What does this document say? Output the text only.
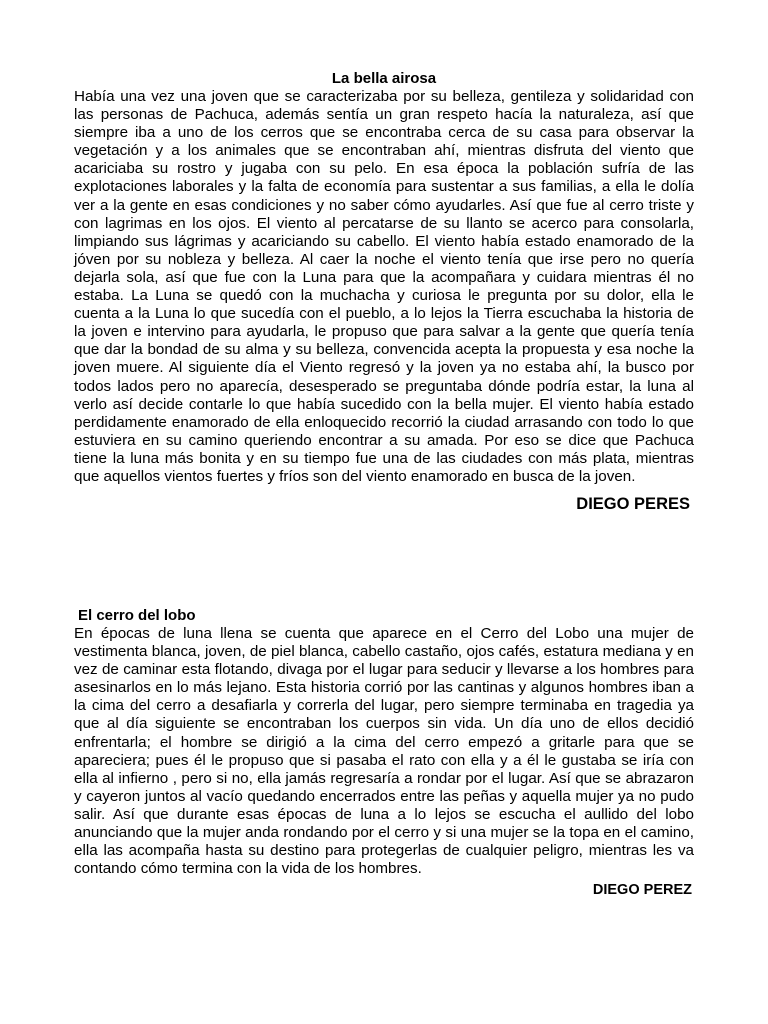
La bella airosa

Había una vez una joven que se caracterizaba por su belleza, gentileza y solidaridad con las personas de Pachuca, además sentía un gran respeto hacía la naturaleza, así que siempre iba a uno de los cerros que se encontraba cerca de su casa para observar la vegetación y a los animales que se encontraban ahí, mientras disfruta del viento que acariciaba su rostro y jugaba con su pelo. En esa época la población sufría de las explotaciones laborales y la falta de economía para sustentar a sus familias, a ella le dolía ver a la gente en esas condiciones y no saber cómo ayudarles. Así que fue al cerro triste y con lagrimas en los ojos. El viento al percatarse de su llanto se acerco para consolarla, limpiando sus lágrimas y acariciando su cabello. El viento había estado enamorado de la jóven por su nobleza y belleza. Al caer la noche el viento tenía que irse pero no quería dejarla sola, así que fue con la Luna para que la acompañara y cuidara mientras él no estaba. La Luna se quedó con la muchacha y curiosa le pregunta por su dolor, ella le cuenta a la Luna lo que sucedía con el pueblo, a lo lejos la Tierra escuchaba la historia de la joven e intervino para ayudarla, le propuso que para salvar a la gente que quería tenía que dar la bondad de su alma y su belleza, convencida acepta la propuesta y esa noche la joven muere. Al siguiente día el Viento regresó y la joven ya no estaba ahí, la busco por todos lados pero no aparecía, desesperado se preguntaba dónde podría estar, la luna al verlo así decide contarle lo que había sucedido con la bella mujer. El viento había estado perdidamente enamorado de ella enloquecido recorrió la ciudad arrasando con todo lo que estuviera en su camino queriendo encontrar a su amada. Por eso se dice que Pachuca tiene la luna más bonita y en su tiempo fue una de las ciudades con más plata, mientras que aquellos vientos fuertes y fríos son del viento enamorado en busca de la joven.

DIEGO PERES

El cerro del lobo

En épocas de luna llena se cuenta que aparece en el Cerro del Lobo una mujer de vestimenta blanca, joven, de piel blanca, cabello castaño, ojos cafés, estatura mediana y en vez de caminar esta flotando, divaga por el lugar para seducir y llevarse a los hombres para asesinarlos en lo más lejano. Esta historia corrió por las cantinas y algunos hombres iban a la cima del cerro a desafiarla y correrla del lugar, pero siempre terminaba en tragedia ya que al día siguiente se encontraban los cuerpos sin vida. Un día uno de ellos decidió enfrentarla; el hombre se dirigió a la cima del cerro empezó a gritarle para que se apareciera; pues él le propuso que si pasaba el rato con ella y a él le gustaba se iría con ella al infierno , pero si no, ella jamás regresaría a rondar por el lugar. Así que se abrazaron y cayeron juntos al vacío quedando encerrados entre las peñas y aquella mujer ya no pudo salir. Así que durante esas épocas de luna a lo lejos se escucha el aullido del lobo anunciando que la mujer anda rondando por el cerro y si una mujer se la topa en el camino, ella las acompaña hasta su destino para protegerlas de cualquier peligro, mientras les va contando cómo termina con la vida de los hombres.

DIEGO PEREZ
